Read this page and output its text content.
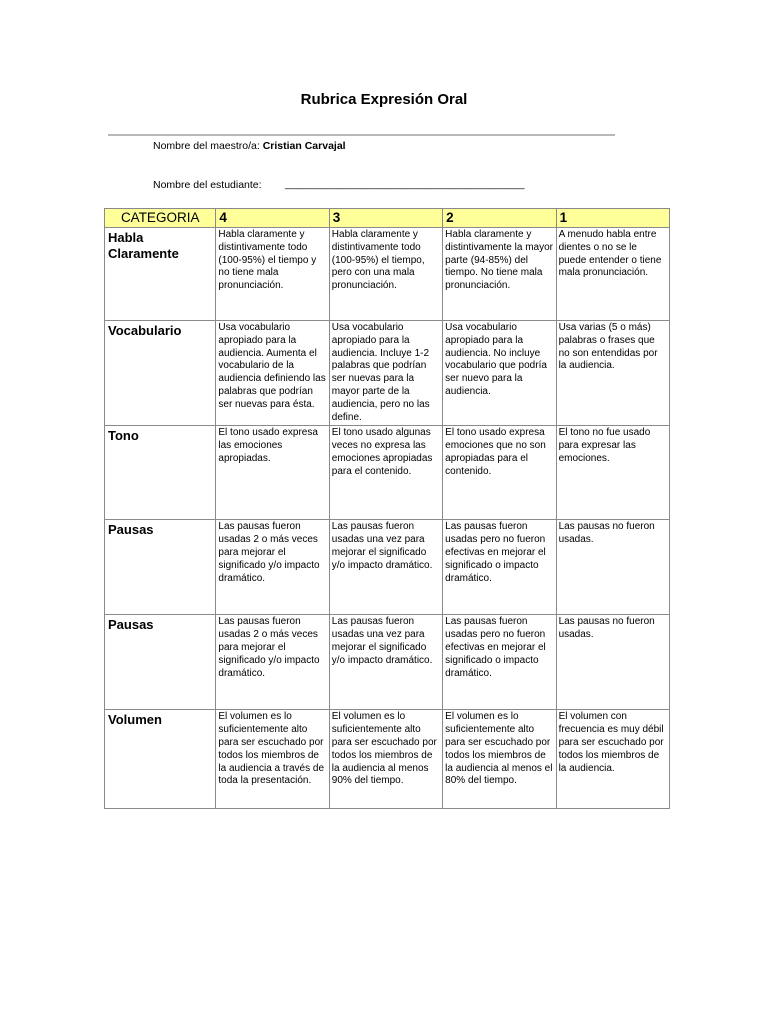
Rubrica Expresión Oral
Nombre del maestro/a: Cristian Carvajal
Nombre del estudiante: _________________________________________
CATEGORIA	4	3	2	1
Habla Claramente	Habla claramente y distintivamente todo (100-95%) el tiempo y no tiene mala pronunciación.	Habla claramente y distintivamente todo (100-95%) el tiempo, pero con una mala pronunciación.	Habla claramente y distintivamente la mayor parte (94-85%) del tiempo. No tiene mala pronunciación.	A menudo habla entre dientes o no se le puede entender o tiene mala pronunciación.
Vocabulario	Usa vocabulario apropiado para la audiencia. Aumenta el vocabulario de la audiencia definiendo las palabras que podrían ser nuevas para ésta.	Usa vocabulario apropiado para la audiencia. Incluye 1-2 palabras que podrían ser nuevas para la mayor parte de la audiencia, pero no las define.	Usa vocabulario apropiado para la audiencia. No incluye vocabulario que podría ser nuevo para la audiencia.	Usa varias (5 o más) palabras o frases que no son entendidas por la audiencia.
Tono	El tono usado expresa las emociones apropiadas.	El tono usado algunas veces no expresa las emociones apropiadas para el contenido.	El tono usado expresa emociones que no son apropiadas para el contenido.	El tono no fue usado para expresar las emociones.
Pausas	Las pausas fueron usadas 2 o más veces para mejorar el significado y/o impacto dramático.	Las pausas fueron usadas una vez para mejorar el significado y/o impacto dramático.	Las pausas fueron usadas pero no fueron efectivas en mejorar el significado o impacto dramático.	Las pausas no fueron usadas.
Pausas	Las pausas fueron usadas 2 o más veces para mejorar el significado y/o impacto dramático.	Las pausas fueron usadas una vez para mejorar el significado y/o impacto dramático.	Las pausas fueron usadas pero no fueron efectivas en mejorar el significado o impacto dramático.	Las pausas no fueron usadas.
Volumen	El volumen es lo suficientemente alto para ser escuchado por todos los miembros de la audiencia a través de toda la presentación.	El volumen es lo suficientemente alto para ser escuchado por todos los miembros de la audiencia al menos 90% del tiempo.	El volumen es lo suficientemente alto para ser escuchado por todos los miembros de la audiencia al menos el 80% del tiempo.	El volumen con frecuencia es muy débil para ser escuchado por todos los miembros de la audiencia.
